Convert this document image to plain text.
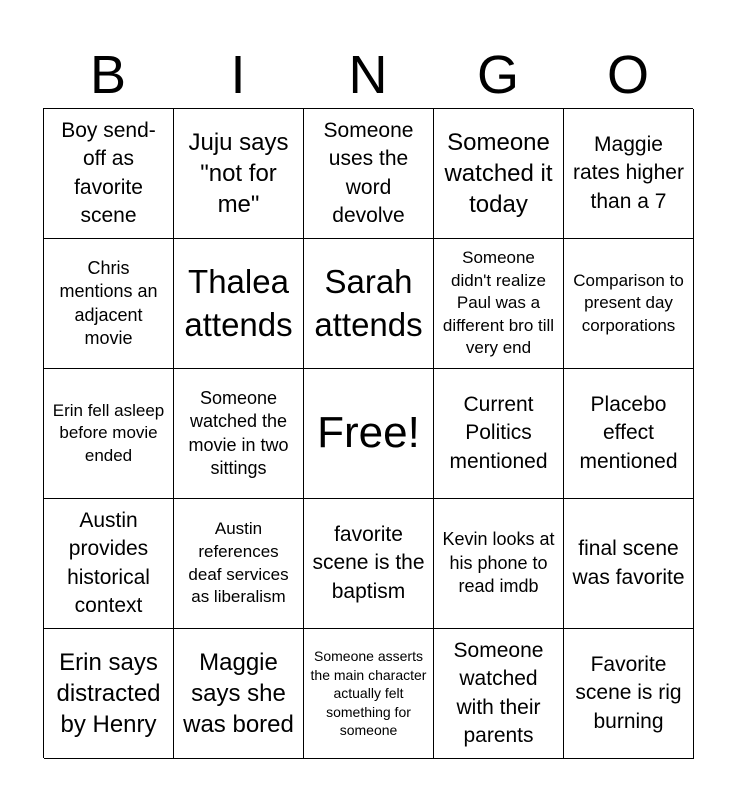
B	I	N	G	O
Boy send-off as favorite scene
Juju says "not for me"
Someone uses the word devolve
Someone watched it today
Maggie rates higher than a 7
Chris mentions an adjacent movie
Thalea attends
Sarah attends
Someone didn't realize Paul was a different bro till very end
Comparison to present day corporations
Erin fell asleep before movie ended
Someone watched the movie in two sittings
Free!
Current Politics mentioned
Placebo effect mentioned
Austin provides historical context
Austin references deaf services as liberalism
favorite scene is the baptism
Kevin looks at his phone to read imdb
final scene was favorite
Erin says distracted by Henry
Maggie says she was bored
Someone asserts the main character actually felt something for someone
Someone watched with their parents
Favorite scene is rig burning
